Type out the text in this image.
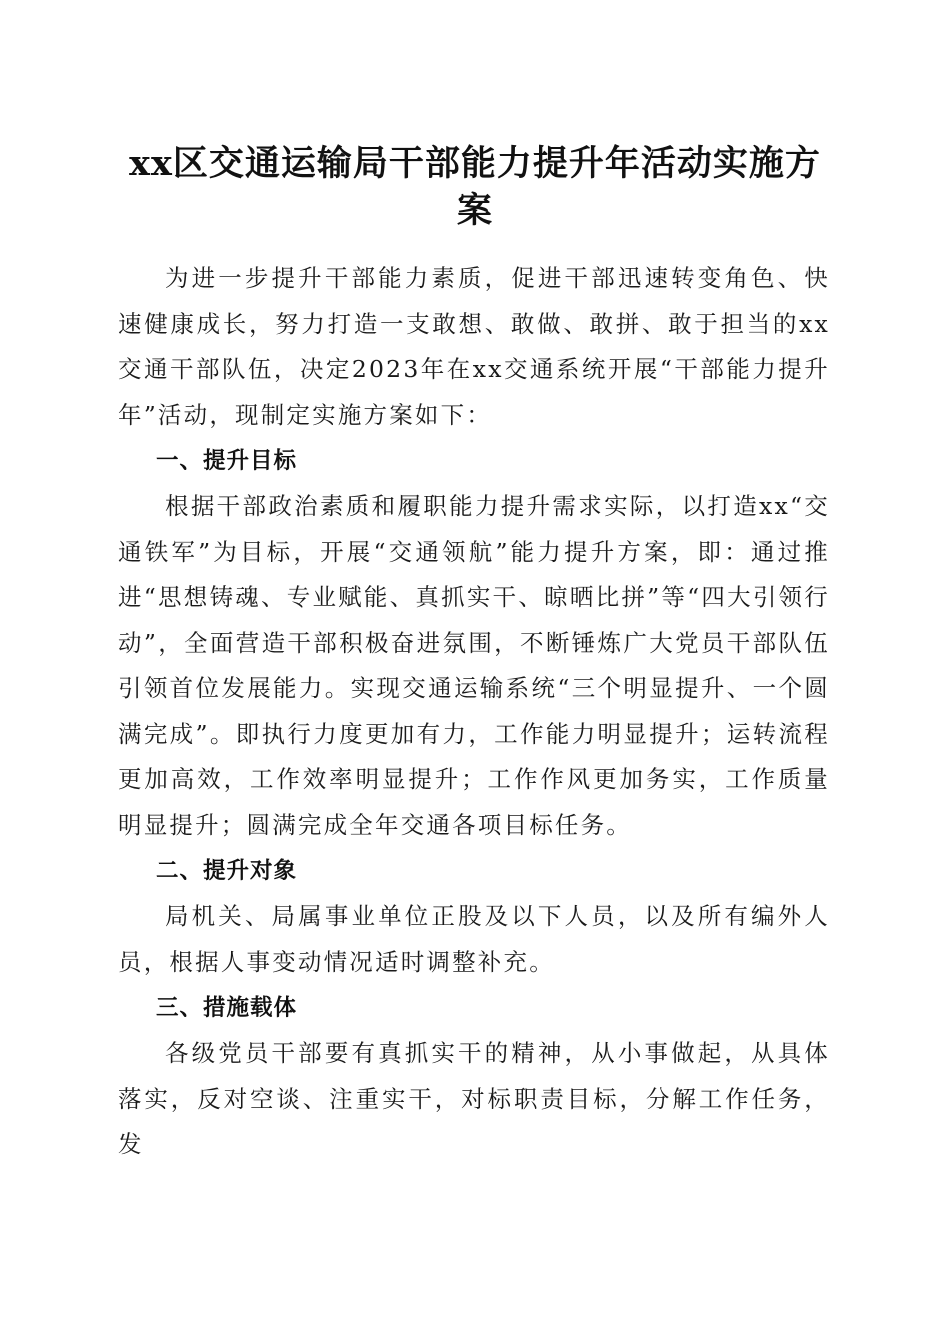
xx区交通运输局干部能力提升年活动实施方案

为进一步提升干部能力素质，促进干部迅速转变角色、快速健康成长，努力打造一支敢想、敢做、敢拼、敢于担当的xx交通干部队伍，决定2023年在xx交通系统开展“干部能力提升年”活动，现制定实施方案如下：

一、提升目标

根据干部政治素质和履职能力提升需求实际，以打造xx“交通铁军”为目标，开展“交通领航”能力提升方案，即：通过推进“思想铸魂、专业赋能、真抓实干、晾晒比拼”等“四大引领行动”，全面营造干部积极奋进氛围，不断锤炼广大党员干部队伍引领首位发展能力。实现交通运输系统“三个明显提升、一个圆满完成”。即执行力度更加有力，工作能力明显提升；运转流程更加高效，工作效率明显提升；工作作风更加务实，工作质量明显提升；圆满完成全年交通各项目标任务。

二、提升对象

局机关、局属事业单位正股及以下人员，以及所有编外人员，根据人事变动情况适时调整补充。

三、措施载体

各级党员干部要有真抓实干的精神，从小事做起，从具体落实，反对空谈、注重实干，对标职责目标，分解工作任务，发
